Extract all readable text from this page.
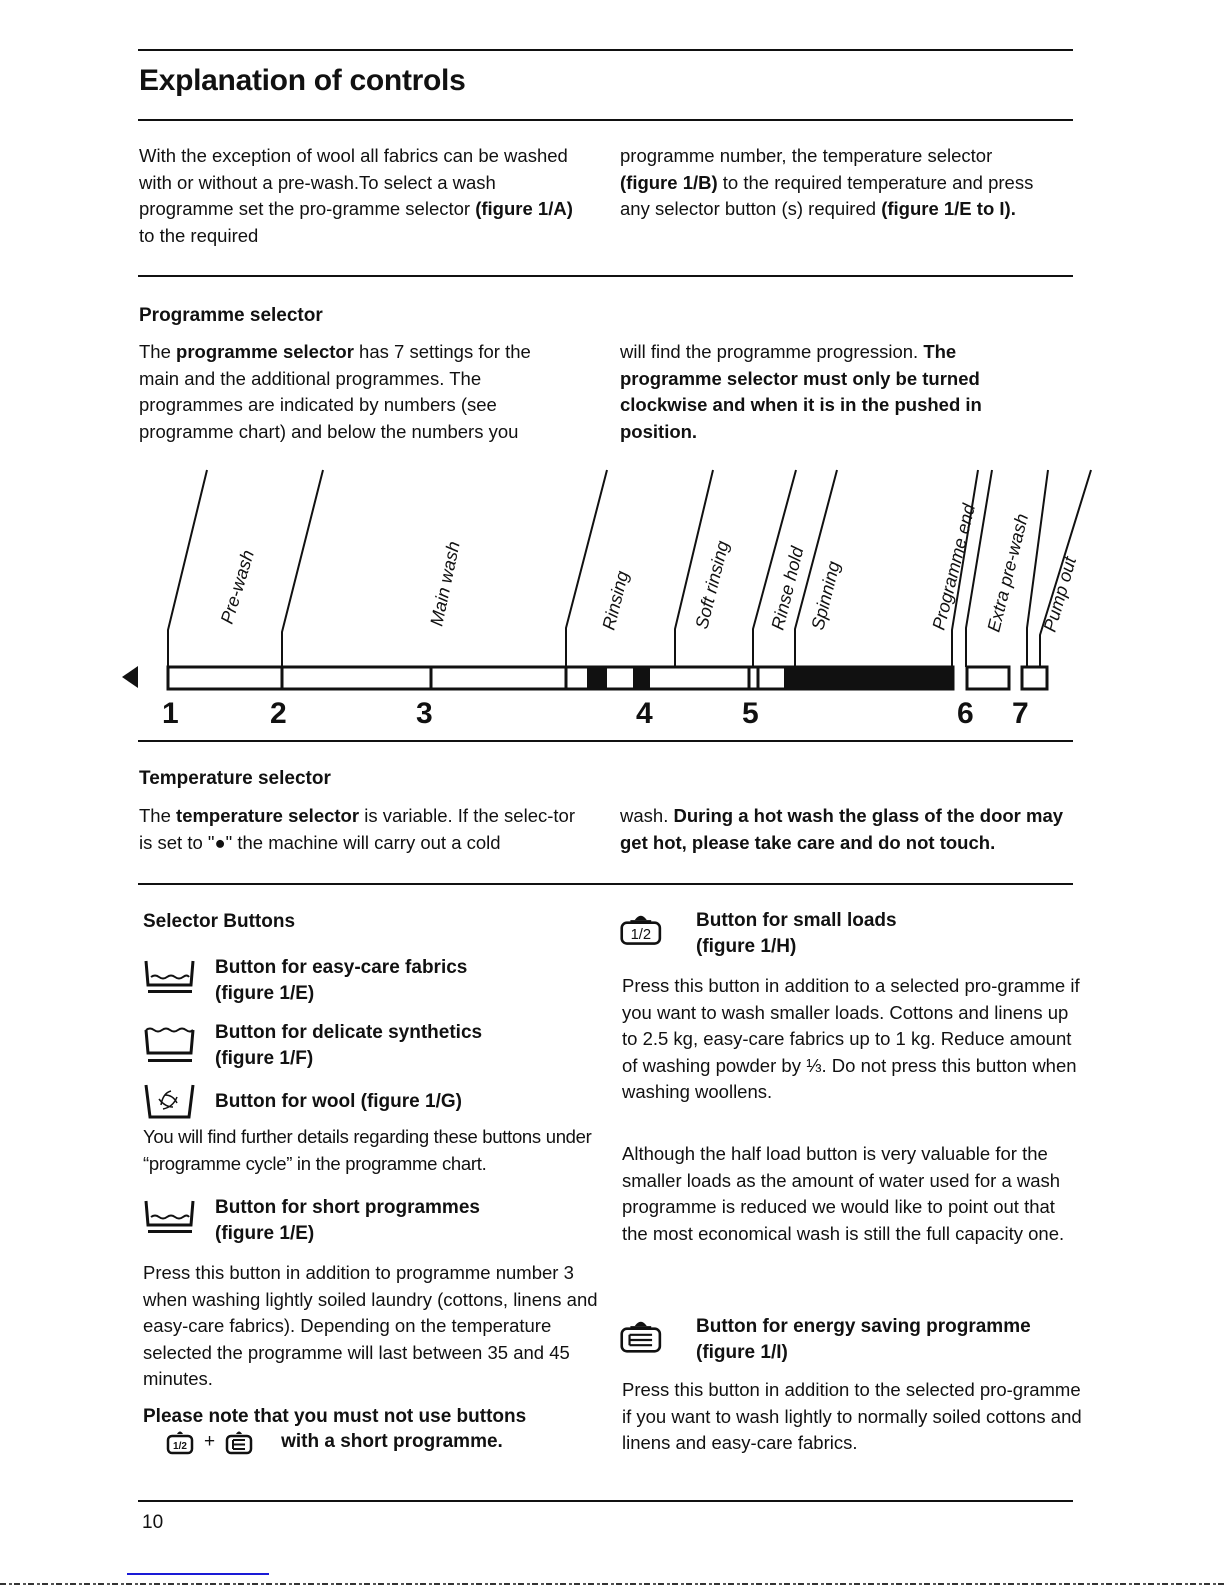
Explanation of controls
With the exception of wool all fabrics can be washed with or without a pre-wash.To select a wash programme set the pro-gramme selector (figure 1/A) to the required
programme number, the temperature selector (figure 1/B) to the required temperature and press any selector button (s) required (figure 1/E to I).
Programme selector
The programme selector has 7 settings for the main and the additional programmes. The programmes are indicated by numbers (see programme chart) and below the numbers you
will find the programme progression. The programme selector must only be turned clockwise and when it is in the pushed in position.
Pre-wash	Main wash	Rinsing	Soft rinsing Rinse hold Spinning	Programme end Extra pre-wash Pump out
1	2	3	4	5	6 7
Temperature selector
The temperature selector is variable. If the selec-tor is set to "●" the machine will carry out a cold
wash. During a hot wash the glass of the door may get hot, please take care and do not touch.
Selector Buttons
Button for easy-care fabrics
(figure 1/E)
Button for delicate synthetics
(figure 1/F)
Button for wool (figure 1/G)
You will find further details regarding these buttons under “programme cycle” in the programme chart.
Button for short programmes
(figure 1/E)
Press this button in addition to programme number 3 when washing lightly soiled laundry (cottons, linens and easy-care fabrics). Depending on the temperature selected the programme will last between 35 and 45 minutes.
Please note that you must not use buttons
1/2 +	with a short programme.
1/2
Button for small loads
(figure 1/H)
Press this button in addition to a selected pro-gramme if you want to wash smaller loads. Cottons and linens up to 2.5 kg, easy-care fabrics up to 1 kg. Reduce amount of washing powder by ⅓. Do not press this button when washing woollens.
Although the half load button is very valuable for the smaller loads as the amount of water used for a wash programme is reduced we would like to point out that the most economical wash is still the full capacity one.
Button for energy saving programme
(figure 1/I)
Press this button in addition to the selected pro-gramme if you want to wash lightly to normally soiled cottons and linens and easy-care fabrics.
10
